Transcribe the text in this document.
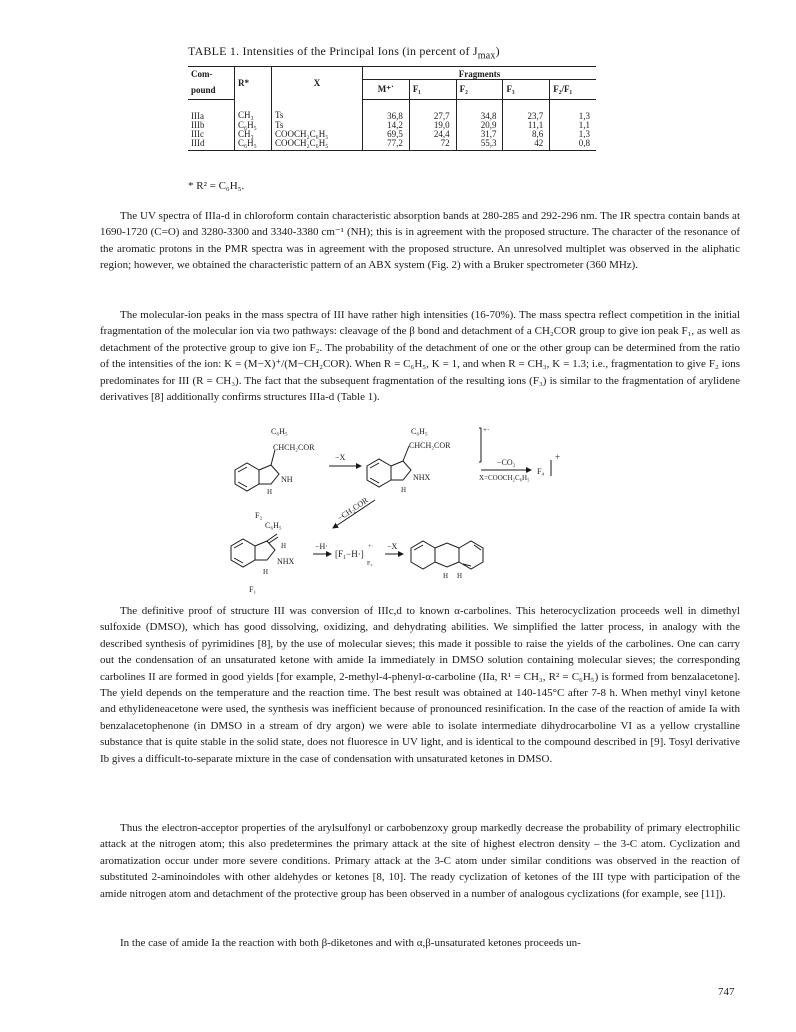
TABLE 1. Intensities of the Principal Ions (in percent of $J_{max}$)
Com-	R*	X	Fragments				
pound			M⁺˙	F₁	F₂	F₃	F₂/F₁
IIIa	CH₃	Ts	36,8	27,7	34,8	23,7	1,3
IIIb	C₆H₅	Ts	14,2	19,0	20,9	11,1	1,1
IIIc	CH₃	COOCH₂C₆H₅	69,5	24,4	31,7	8,6	1,3
IIId	C₆H₅	COOCH₂C₆H₅	77,2	72	55,3	42	0,8
* R² = C₆H₅.

The UV spectra of IIIa-d in chloroform contain characteristic absorption bands at 280-285 and 292-296 nm. The IR spectra contain bands at 1690-1720 (C=O) and 3280-3300 and 3340-3380 cm⁻¹ (NH); this is in agreement with the proposed structure. The character of the resonance of the aromatic protons in the PMR spectra was in agreement with the proposed structure. An unresolved multiplet was observed in the aliphatic region; however, we obtained the characteristic pattern of an ABX system (Fig. 2) with a Bruker spectrometer (360 MHz).

The molecular-ion peaks in the mass spectra of III have rather high intensities (16-70%). The mass spectra reflect competition in the initial fragmentation of the molecular ion via two pathways: cleavage of the β bond and detachment of a CH₂COR group to give ion peak F₁, as well as detachment of the protective group to give ion F₂. The probability of the detachment of one or the other group can be determined from the ratio of the intensities of the ion: K = (M−X)⁺/(M−CH₂COR). When R = C₆H₅, K = 1, and when R = CH₃, K = 1.3; i.e., fragmentation to give F₂ ions predominates for III (R = CH₃). The fact that the subsequent fragmentation of the resulting ions (F₃) is similar to the fragmentation of arylidene derivatives [8] additionally confirms structures IIIa-d (Table 1).

C₆H₅
CHCH₂COR
NH
H
F₂
−X
C₆H₅
CHCH₂COR
NHX
H
+·
−CO₂
X=COOCH₂C₆H₅
F₄
+
−CH₂COR
C₆H₅
H
NHX
H
F₁
−H·
[F₁−H·]
F₃
+· −X
H H

The definitive proof of structure III was conversion of IIIc,d to known α-carbolines. This heterocyclization proceeds well in dimethyl sulfoxide (DMSO), which has good dissolving, oxidizing, and dehydrating abilities. We simplified the latter process, in analogy with the described synthesis of pyrimidines [8], by the use of molecular sieves; this made it possible to raise the yields of the carbolines. One can carry out the condensation of an unsaturated ketone with amide Ia immediately in DMSO solution containing molecular sieves; the corresponding carbolines II are formed in good yields [for example, 2-methyl-4-phenyl-α-carboline (IIa, R¹ = CH₃, R² = C₆H₅) is formed from benzalacetone]. The yield depends on the temperature and the reaction time. The best result was obtained at 140-145°C after 7-8 h. When methyl vinyl ketone and ethylideneacetone were used, the synthesis was inefficient because of pronounced resinification. In the case of the reaction of amide Ia with benzalacetophenone (in DMSO in a stream of dry argon) we were able to isolate intermediate dihydrocarboline VI as a yellow crystalline substance that is quite stable in the solid state, does not fluoresce in UV light, and is identical to the compound described in [9]. Tosyl derivative Ib gives a difficult-to-separate mixture in the case of condensation with unsaturated ketones in DMSO.

Thus the electron-acceptor properties of the arylsulfonyl or carbobenzoxy group markedly decrease the probability of primary electrophilic attack at the nitrogen atom; this also predetermines the primary attack at the site of highest electron density – the 3-C atom. Cyclization and aromatization occur under more severe conditions. Primary attack at the 3-C atom under similar conditions was observed in the reaction of substituted 2-aminoindoles with other aldehydes or ketones [8, 10]. The ready cyclization of ketones of the III type with participation of the amide nitrogen atom and detachment of the protective group has been observed in a number of analogous cyclizations (for example, see [11]).

In the case of amide Ia the reaction with both β-diketones and with α,β-unsaturated ketones proceeds un-

747
